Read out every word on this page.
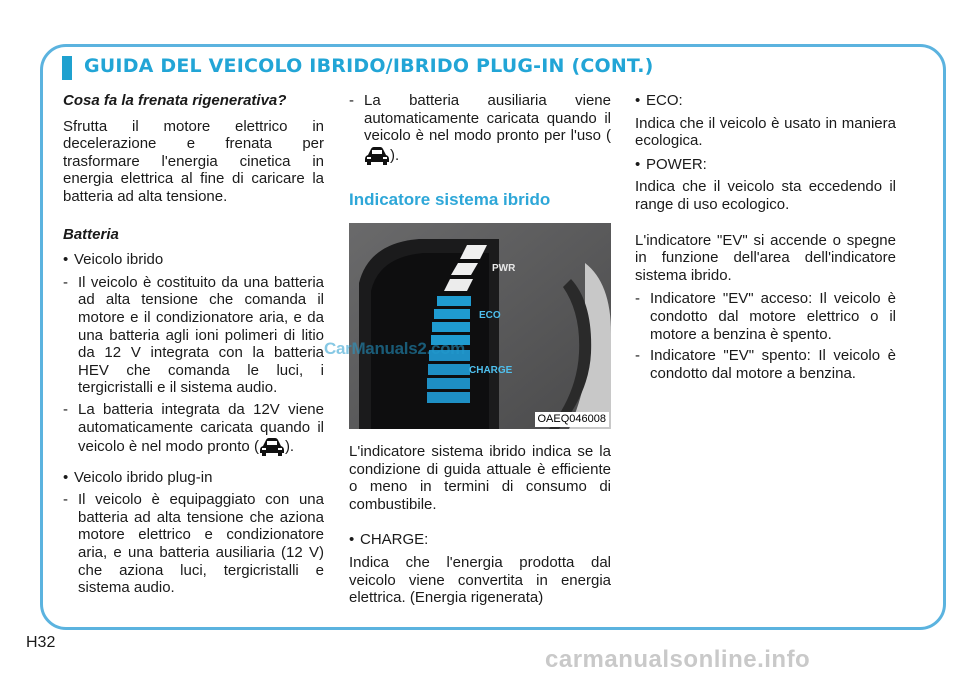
GUIDA DEL VEICOLO IBRIDO/IBRIDO PLUG-IN (CONT.)
Cosa fa la frenata rigenerativa?

Sfrutta il motore elettrico in decelerazione e frenata per trasformare l'energia cinetica in energia elettrica al fine di caricare la batteria ad alta tensione.

Batteria
• Veicolo ibrido
- Il veicolo è costituito da una batteria ad alta tensione che comanda il motore e il condizionatore aria, e da una batteria agli ioni polimeri di litio da 12 V integrata con la batteria HEV che comanda le luci, i tergicristalli e il sistema audio.
- La batteria integrata da 12V viene automaticamente caricata quando il veicolo è nel modo pronto ( ).
• Veicolo ibrido plug-in
- Il veicolo è equipaggiato con una batteria ad alta tensione che aziona motore elettrico e condizionatore aria, e una batteria ausiliaria (12 V) che aziona luci, tergicristalli e sistema audio.
- La batteria ausiliaria viene automaticamente caricata quando il veicolo è nel modo pronto per l'uso ().
Indicatore sistema ibrido
PWR
ECO
CHARGE
OAEQ046008

L'indicatore sistema ibrido indica se la condizione di guida attuale è efficiente o meno in termini di consumo di combustibile.

• CHARGE:

Indica che l'energia prodotta dal veicolo viene convertita in energia elettrica. (Energia rigenerata)

• ECO:

Indica che il veicolo è usato in maniera ecologica.

• POWER:

Indica che il veicolo sta eccedendo il range di uso ecologico.

L'indicatore "EV" si accende o spegne in funzione dell'area dell'indicatore sistema ibrido.

- Indicatore "EV" acceso: Il veicolo è condotto dal motore elettrico o il motore a benzina è spento.
- Indicatore "EV" spento: Il veicolo è condotto dal motore a benzina.
CarManuals2.com
H32
carmanualsonline.info
